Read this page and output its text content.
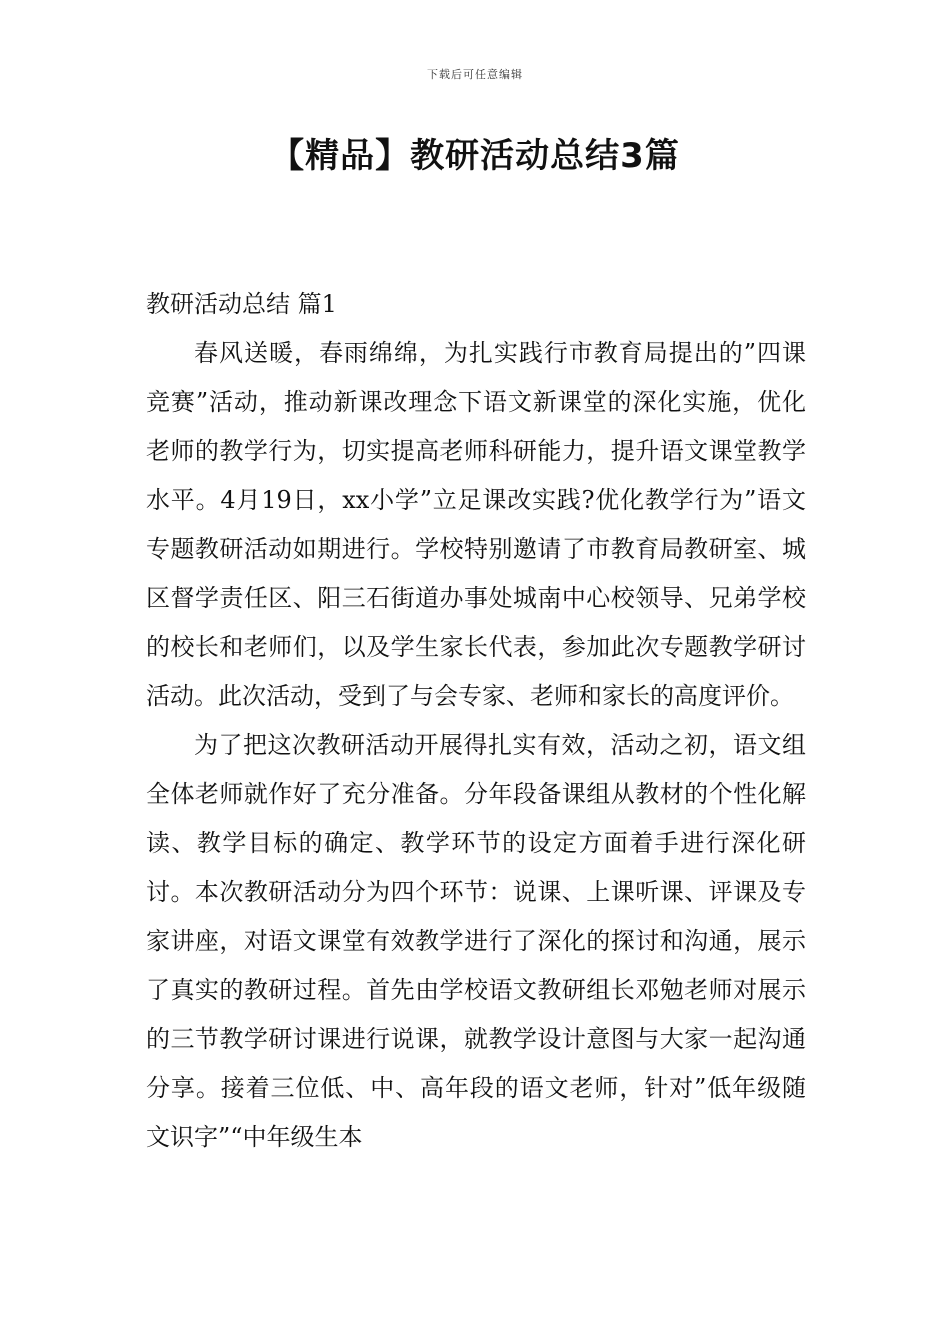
下载后可任意编辑
【精品】教研活动总结3篇

教研活动总结 篇1

春风送暖，春雨绵绵，为扎实践行市教育局提出的”四课竞赛”活动，推动新课改理念下语文新课堂的深化实施，优化老师的教学行为，切实提高老师科研能力，提升语文课堂教学水平。4月19日，xx小学”立足课改实践?优化教学行为”语文专题教研活动如期进行。学校特别邀请了市教育局教研室、城区督学责任区、阳三石街道办事处城南中心校领导、兄弟学校的校长和老师们，以及学生家长代表，参加此次专题教学研讨活动。此次活动，受到了与会专家、老师和家长的高度评价。

为了把这次教研活动开展得扎实有效，活动之初，语文组全体老师就作好了充分准备。分年段备课组从教材的个性化解读、教学目标的确定、教学环节的设定方面着手进行深化研讨。本次教研活动分为四个环节：说课、上课听课、评课及专家讲座，对语文课堂有效教学进行了深化的探讨和沟通，展示了真实的教研过程。首先由学校语文教研组长邓勉老师对展示的三节教学研讨课进行说课，就教学设计意图与大家一起沟通分享。接着三位低、中、高年段的语文老师，针对”低年级随文识字”“中年级生本
